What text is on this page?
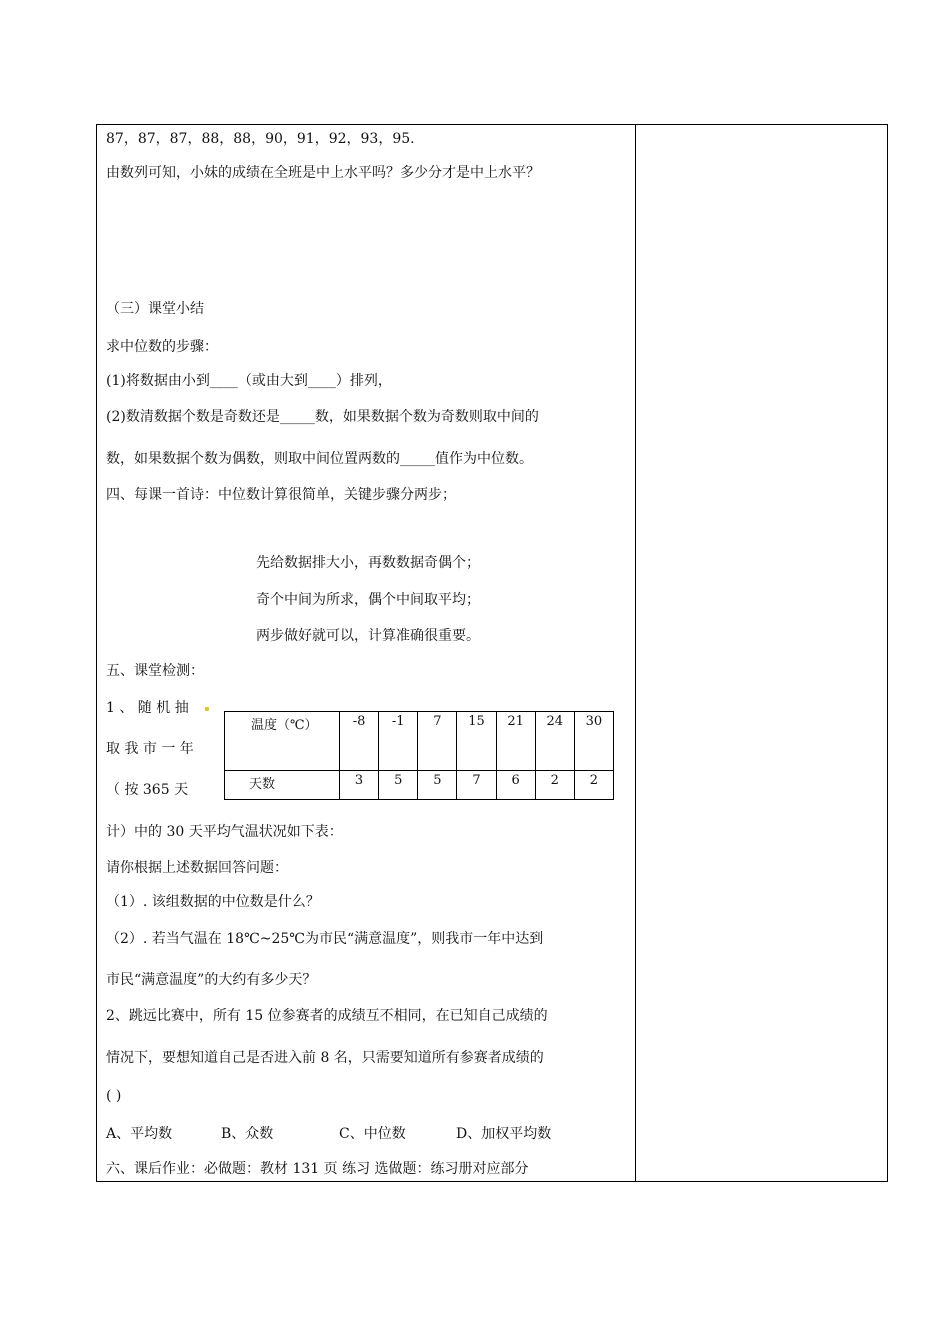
87，87，87，88，88，90，91，92，93，95.
由数列可知，小妹的成绩在全班是中上水平吗？多少分才是中上水平？
（三）课堂小结
求中位数的步骤：
(1)将数据由小到____（或由大到____）排列，
(2)数清数据个数是奇数还是_____数，如果数据个数为奇数则取中间的
数，如果数据个数为偶数，则取中间位置两数的_____值作为中位数。
四、每课一首诗：中位数计算很简单，关键步骤分两步；
先给数据排大小，再数数据奇偶个；
奇个中间为所求，偶个中间取平均；
两步做好就可以，计算准确很重要。
五、课堂检测：
1 、 随 机 抽
取 我 市 一 年
（ 按 365 天
温度（℃）	-8	-1	7	15	21	24	30
天数	3	5	5	7	6	2	2
计）中的 30 天平均气温状况如下表：
请你根据上述数据回答问题：
（1）. 该组数据的中位数是什么？
（2）. 若当气温在 18℃~25℃为市民“满意温度”，则我市一年中达到
市民“满意温度”的大约有多少天？
2、跳远比赛中，所有 15 位参赛者的成绩互不相同，在已知自己成绩的
情况下，要想知道自己是否进入前 8 名，只需要知道所有参赛者成绩的
( )
A、平均数	B、众数	C、中位数	D、加权平均数
六、课后作业：必做题：教材 131 页 练习 选做题：练习册对应部分
